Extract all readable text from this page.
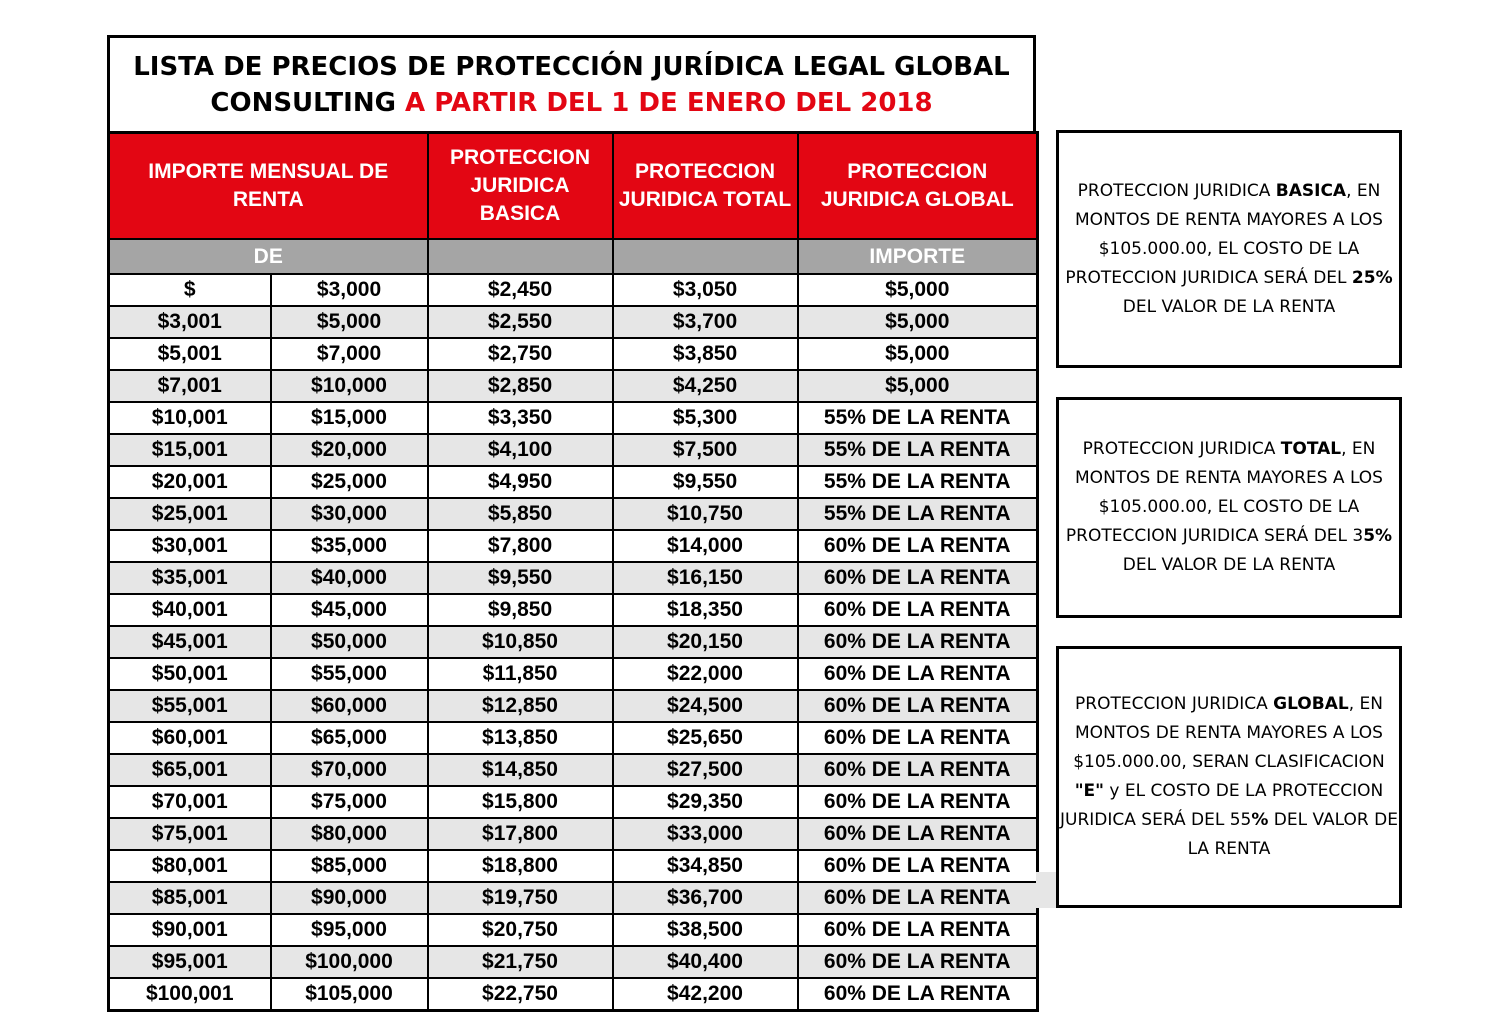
LISTA DE PRECIOS DE PROTECCIÓN JURÍDICA LEGAL GLOBAL
CONSULTING A PARTIR DEL 1 DE ENERO DEL 2018
IMPORTE MENSUAL DE RENTA		PROTECCION JURIDICA BASICA	PROTECCION JURIDICA TOTAL	PROTECCION JURIDICA GLOBAL
DE				IMPORTE
$	$3,000	$2,450	$3,050	$5,000
$3,001	$5,000	$2,550	$3,700	$5,000
$5,001	$7,000	$2,750	$3,850	$5,000
$7,001	$10,000	$2,850	$4,250	$5,000
$10,001	$15,000	$3,350	$5,300	55% DE LA RENTA
$15,001	$20,000	$4,100	$7,500	55% DE LA RENTA
$20,001	$25,000	$4,950	$9,550	55% DE LA RENTA
$25,001	$30,000	$5,850	$10,750	55% DE LA RENTA
$30,001	$35,000	$7,800	$14,000	60% DE LA RENTA
$35,001	$40,000	$9,550	$16,150	60% DE LA RENTA
$40,001	$45,000	$9,850	$18,350	60% DE LA RENTA
$45,001	$50,000	$10,850	$20,150	60% DE LA RENTA
$50,001	$55,000	$11,850	$22,000	60% DE LA RENTA
$55,001	$60,000	$12,850	$24,500	60% DE LA RENTA
$60,001	$65,000	$13,850	$25,650	60% DE LA RENTA
$65,001	$70,000	$14,850	$27,500	60% DE LA RENTA
$70,001	$75,000	$15,800	$29,350	60% DE LA RENTA
$75,001	$80,000	$17,800	$33,000	60% DE LA RENTA
$80,001	$85,000	$18,800	$34,850	60% DE LA RENTA
$85,001	$90,000	$19,750	$36,700	60% DE LA RENTA
$90,001	$95,000	$20,750	$38,500	60% DE LA RENTA
$95,001	$100,000	$21,750	$40,400	60% DE LA RENTA
$100,001	$105,000	$22,750	$42,200	60% DE LA RENTA
PROTECCION JURIDICA BASICA, EN MONTOS DE RENTA MAYORES A LOS $105.000.00, EL COSTO DE LA PROTECCION JURIDICA SERÁ DEL 25% DEL VALOR DE LA RENTA
PROTECCION JURIDICA TOTAL, EN MONTOS DE RENTA MAYORES A LOS $105.000.00, EL COSTO DE LA PROTECCION JURIDICA SERÁ DEL 35% DEL VALOR DE LA RENTA
PROTECCION JURIDICA GLOBAL, EN MONTOS DE RENTA MAYORES A LOS $105.000.00, SERAN CLASIFICACION "E" y EL COSTO DE LA PROTECCION JURIDICA SERÁ DEL 55% DEL VALOR DE LA RENTA
